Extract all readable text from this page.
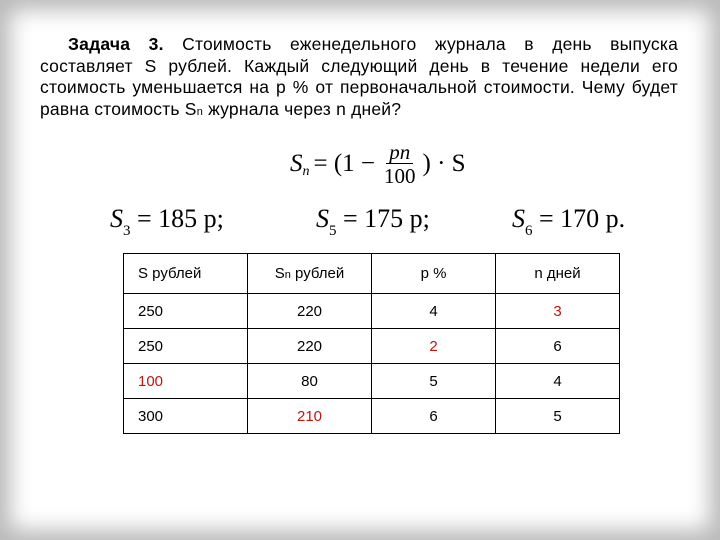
Задача 3. Стоимость еженедельного журнала в день выпуска составляет S рублей. Каждый следующий день в течение недели его стоимость уменьшается на р % от первоначальной стоимости. Чему будет равна стоимость Sn журнала через n дней?
S $n = (1 - \frac{pn}{100}$ ) · S
$S_3 = 185$ р;	$S_5 = 175$ р;	$S_6 = 170$ р.
S рублей	Sn рублей	р %	n дней
250	220	4	3
250	220	2	6
100	80	5	4
300	210	6	5
